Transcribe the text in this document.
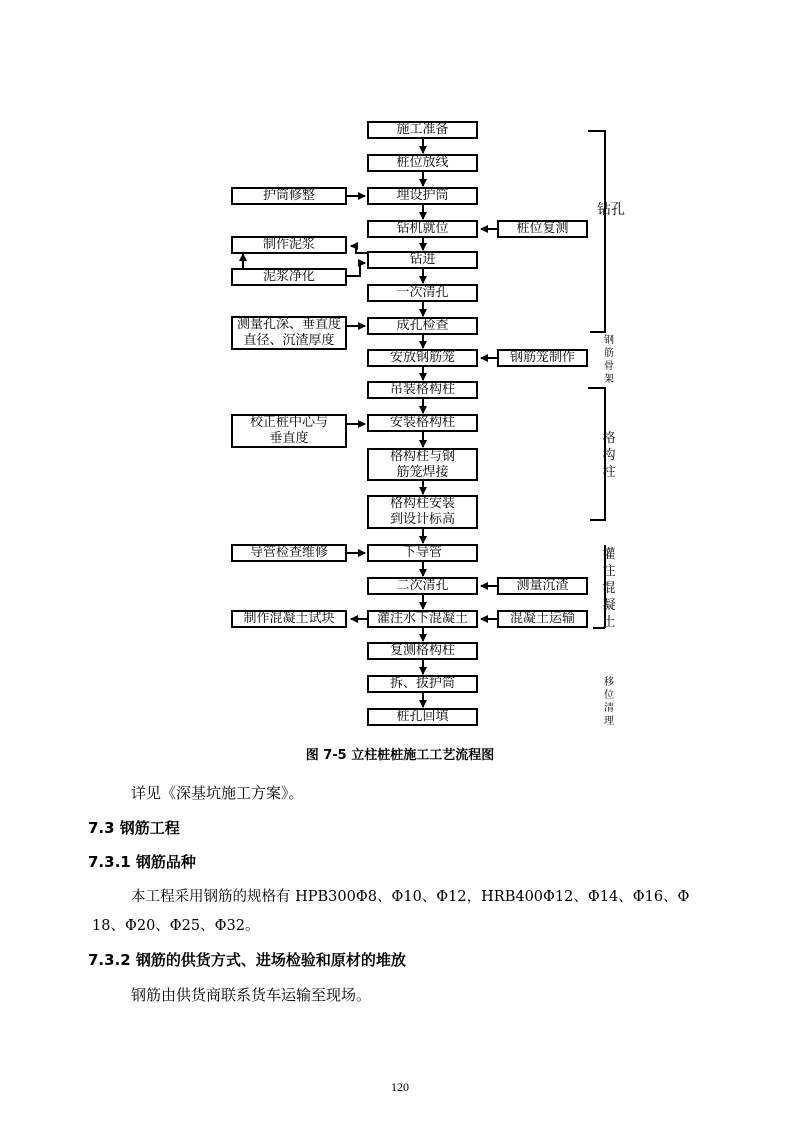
施工准备
桩位放线
埋设护筒
钻机就位
钻进
一次清孔
成孔检查
安放钢筋笼
吊装格构柱
安装格构柱
格构柱与钢
筋笼焊接
格构柱安装
到设计标高
下导管
二次清孔
灌注水下混凝土
复测格构柱
拆、拔护筒
桩孔回填
护筒修整
制作泥浆
泥浆净化
测量孔深、垂直度
直径、沉渣厚度
校正桩中心与
垂直度
导管检查维修
制作混凝土试块
桩位复测
钢筋笼制作
测量沉渣
混凝土运输
钻孔
钢
筋
骨
架
格
构
柱
灌
注
混
凝
土
移
位
清
理
图 7-5 立柱桩桩施工工艺流程图
详见《深基坑施工方案》。
7.3 钢筋工程
7.3.1 钢筋品种
本工程采用钢筋的规格有 HPB300Φ8、Φ10、Φ12，HRB400Φ12、Φ14、Φ16、Φ
18、Φ20、Φ25、Φ32。
7.3.2 钢筋的供货方式、进场检验和原材的堆放
钢筋由供货商联系货车运输至现场。
120
